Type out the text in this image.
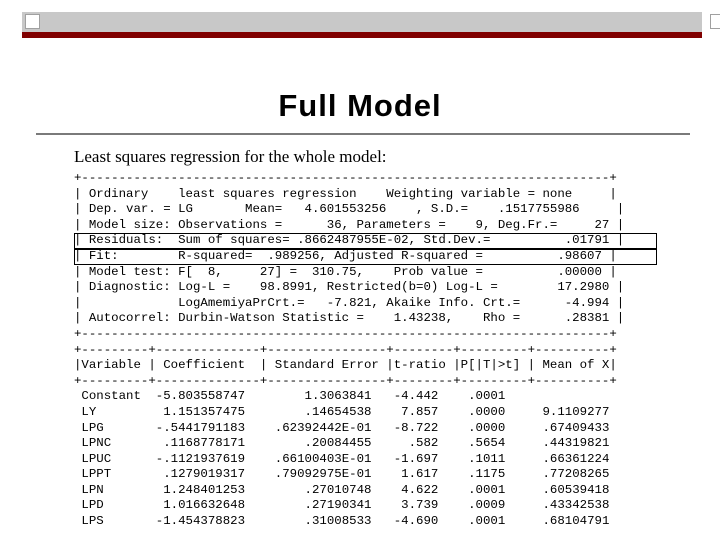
Full Model
Least squares regression for the whole model:
+-----------------------------------------------------------------------+
| Ordinary    least squares regression    Weighting variable = none     |
| Dep. var. = LG       Mean=   4.601553256    , S.D.=    .1517755986     |
| Model size: Observations =      36, Parameters =    9, Deg.Fr.=     27 |
| Residuals:  Sum of squares= .8662487955E-02, Std.Dev.=          .01791 |
| Fit:        R-squared=  .989256, Adjusted R-squared =          .98607 |
| Model test: F[  8,     27] =  310.75,    Prob value =          .00000 |
| Diagnostic: Log-L =    98.8991, Restricted(b=0) Log-L =        17.2980 |
|             LogAmemiyaPrCrt.=   -7.821, Akaike Info. Crt.=      -4.994 |
| Autocorrel: Durbin-Watson Statistic =    1.43238,    Rho =      .28381 |
+-----------------------------------------------------------------------+
+---------+--------------+----------------+--------+---------+----------+
|Variable | Coefficient  | Standard Error |t-ratio |P[|T|>t] | Mean of X|
+---------+--------------+----------------+--------+---------+----------+
Constant  -5.803558747        1.3063841   -4.442    .0001
LY         1.151357475        .14654538    7.857    .0000     9.1109277
LPG       -.5441791183    .62392442E-01   -8.722    .0000     .67409433
LPNC       .1168778171        .20084455     .582    .5654     .44319821
LPUC      -.1121937619    .66100403E-01   -1.697    .1011     .66361224
LPPT       .1279019317    .79092975E-01    1.617    .1175     .77208265
LPN        1.248401253        .27010748    4.622    .0001     .60539418
LPD        1.016632648        .27190341    3.739    .0009     .43342538
LPS       -1.454378823        .31008533   -4.690    .0001     .68104791
